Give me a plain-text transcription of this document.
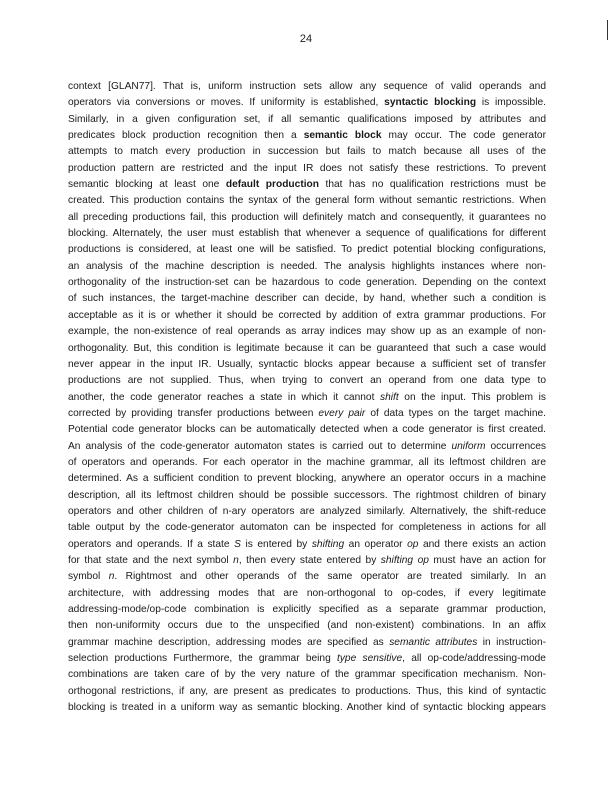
24
context [GLAN77]. That is, uniform instruction sets allow any sequence of valid operands and
operators via conversions or moves. If uniformity is established, syntactic blocking is impossible.
Similarly, in a given configuration set, if all semantic qualifications imposed by attributes and
predicates block production recognition then a semantic block may occur. The code generator
attempts to match every production in succession but fails to match because all uses of the
production pattern are restricted and the input IR does not satisfy these restrictions. To prevent
semantic blocking at least one default production that has no qualification restrictions must be
created. This production contains the syntax of the general form without semantic restrictions. When
all preceding productions fail, this production will definitely match and consequently, it guarantees no
blocking. Alternately, the user must establish that whenever a sequence of qualifications for different
productions is considered, at least one will be satisfied. To predict potential blocking configurations,
an analysis of the machine description is needed. The analysis highlights instances where non-
orthogonality of the instruction-set can be hazardous to code generation. Depending on the context
of such instances, the target-machine describer can decide, by hand, whether such a condition is
acceptable as it is or whether it should be corrected by addition of extra grammar productions. For
example, the non-existence of real operands as array indices may show up as an example of non-
orthogonality. But, this condition is legitimate because it can be guaranteed that such a case would
never appear in the input IR. Usually, syntactic blocks appear because a sufficient set of transfer
productions are not supplied. Thus, when trying to convert an operand from one data type to
another, the code generator reaches a state in which it cannot shift on the input. This problem is
corrected by providing transfer productions between every pair of data types on the target machine.
Potential code generator blocks can be automatically detected when a code generator is first created.
An analysis of the code-generator automaton states is carried out to determine uniform occurrences
of operators and operands. For each operator in the machine grammar, all its leftmost children are
determined. As a sufficient condition to prevent blocking, anywhere an operator occurs in a machine
description, all its leftmost children should be possible successors. The rightmost children of binary
operators and other children of n-ary operators are analyzed similarly. Alternatively, the shift-reduce
table output by the code-generator automaton can be inspected for completeness in actions for all
operators and operands. If a state S is entered by shifting an operator op and there exists an action
for that state and the next symbol n, then every state entered by shifting op must have an action for
symbol n. Rightmost and other operands of the same operator are treated similarly. In an
architecture, with addressing modes that are non-orthogonal to op-codes, if every legitimate
addressing-mode/op-code combination is explicitly specified as a separate grammar production,
then non-uniformity occurs due to the unspecified (and non-existent) combinations. In an affix
grammar machine description, addressing modes are specified as semantic attributes in instruction-
selection productions Furthermore, the grammar being type sensitive, all op-code/addressing-mode
combinations are taken care of by the very nature of the grammar specification mechanism. Non-
orthogonal restrictions, if any, are present as predicates to productions. Thus, this kind of syntactic
blocking is treated in a uniform way as semantic blocking. Another kind of syntactic blocking appears
